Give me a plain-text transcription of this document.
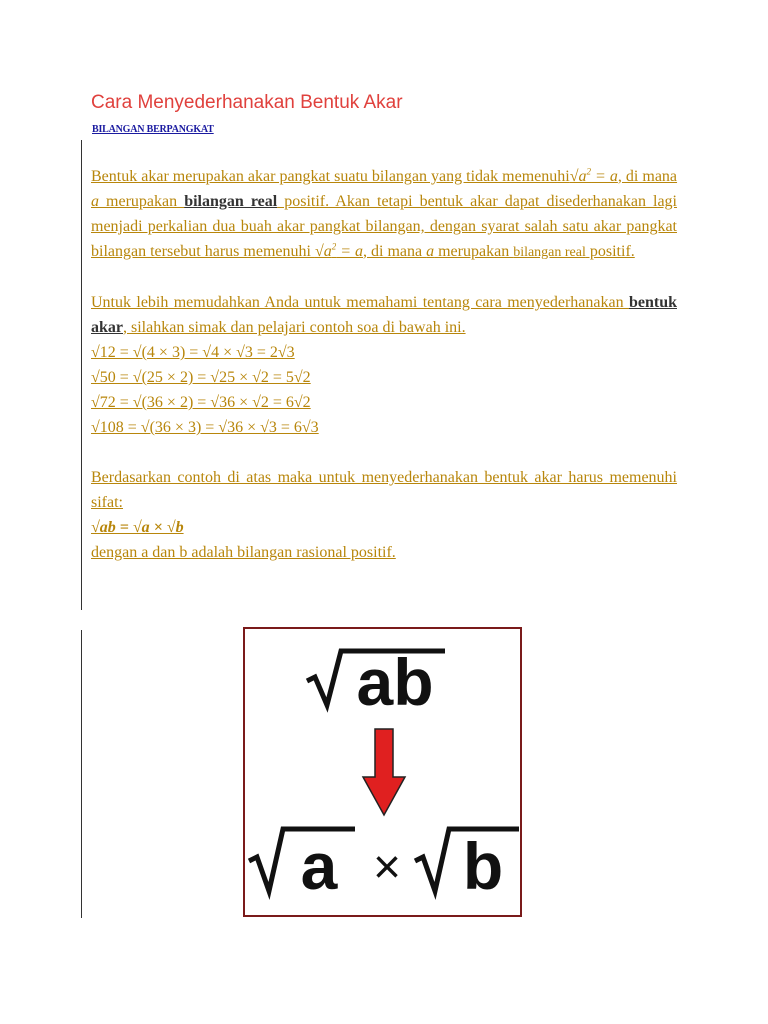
Cara Menyederhanakan Bentuk Akar
BILANGAN BERPANGKAT

Bentuk akar merupakan akar pangkat suatu bilangan yang tidak $memenuhi√a^2 = a$, di mana a merupakan bilangan real positif. Akan tetapi bentuk akar dapat disederhanakan lagi menjadi perkalian dua buah akar pangkat bilangan, dengan syarat salah satu akar pangkat bilangan tersebut harus memenuhi $√a^2 = a$, di mana a merupakan bilangan real positif.

Untuk lebih memudahkan Anda untuk memahami tentang cara menyederhanakan bentuk akar, silahkan simak dan pelajari contoh soa di bawah ini.

√12 = √(4 × 3) = √4 × √3 = 2√3
√50 = √(25 × 2) = √25 × √2 = 5√2
√72 = √(36 × 2) = √36 × √2 = 6√2
√108 = √(36 × 3) = √36 × √3 = 6√3

Berdasarkan contoh di atas maka untuk menyederhanakan bentuk akar harus memenuhi sifat:

√ab = √a × √b
dengan a dan b adalah bilangan rasional positif.
ab
a × b
